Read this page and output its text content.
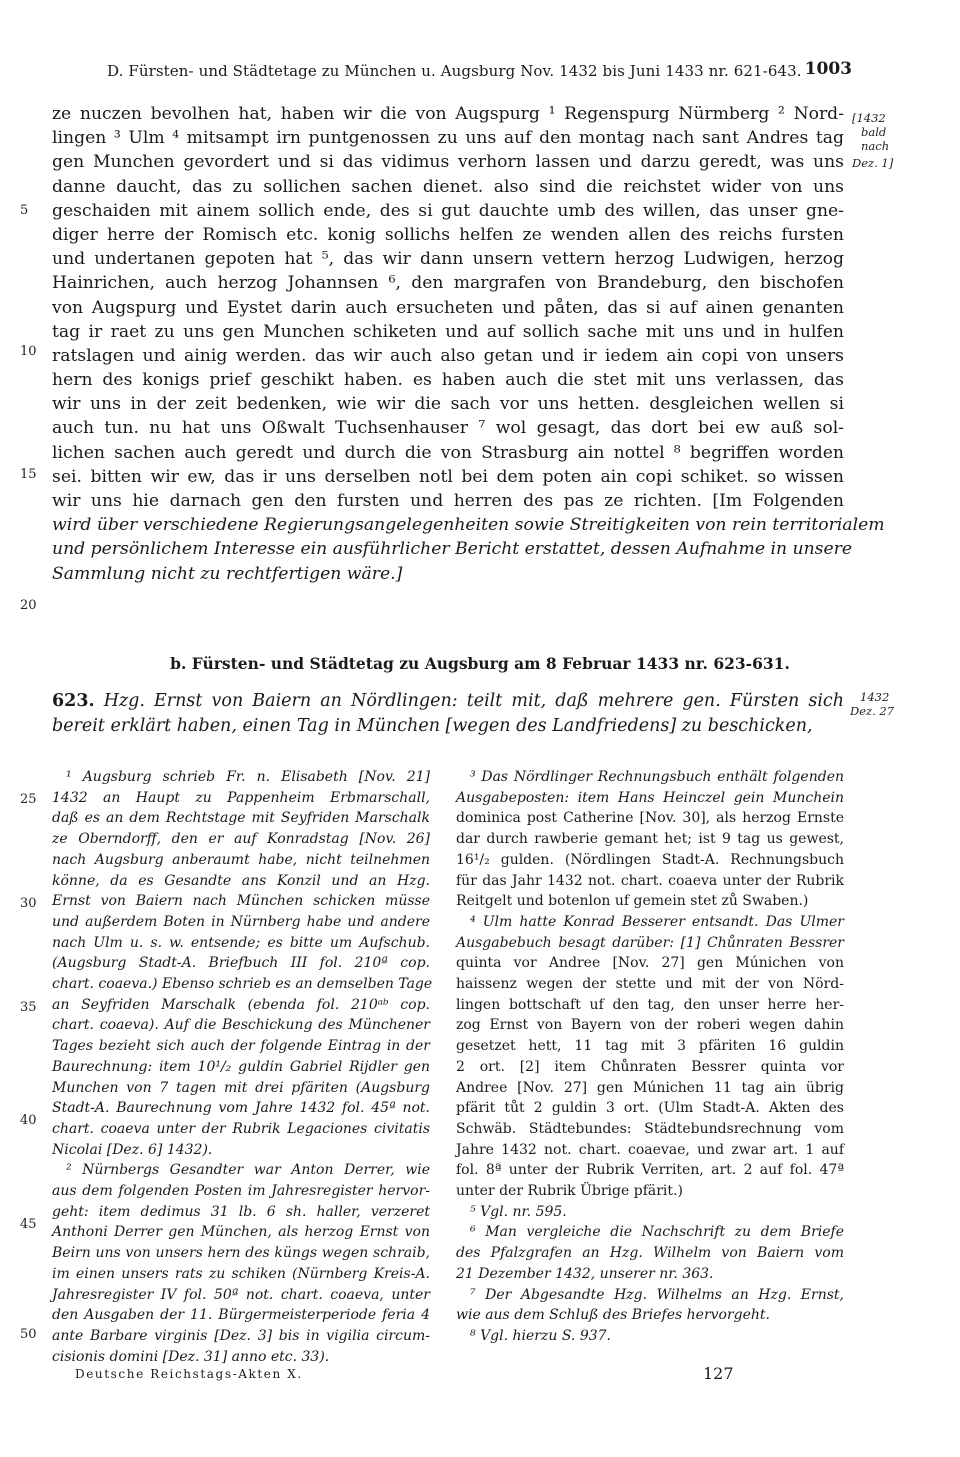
D. Fürsten- und Städtetage zu München u. Augsburg Nov. 1432 bis Juni 1433 nr. 621-643. 1003
ze nuczen bevolhen hat, haben wir die von Augspurg ¹ Regenspurg Nürmberg ² Nord-
lingen ³ Ulm ⁴ mitsampt irn puntgenossen zu uns auf den montag nach sant Andres tag
gen Munchen gevordert und si das vidimus verhorn lassen und darzu geredt, was uns
danne daucht, das zu sollichen sachen dienet. also sind die reichstet wider von uns
geschaiden mit ainem sollich ende, des si gut dauchte umb des willen, das unser gne-
diger herre der Romisch etc. konig sollichs helfen ze wenden allen des reichs fursten
und undertanen gepoten hat ⁵, das wir dann unsern vettern herzog Ludwigen, herzog
Hainrichen, auch herzog Johannsen ⁶, den margrafen von Brandeburg, den bischofen
von Augspurg und Eystet darin auch ersucheten und påten, das si auf ainen genanten
tag ir raet zu uns gen Munchen schiketen und auf sollich sache mit uns und in hulfen
ratslagen und ainig werden. das wir auch also getan und ir iedem ain copi von unsers
hern des konigs prief geschikt haben. es haben auch die stet mit uns verlassen, das
wir uns in der zeit bedenken, wie wir die sach vor uns hetten. desgleichen wellen si
auch tun. nu hat uns Oßwalt Tuchsenhauser ⁷ wol gesagt, das dort bei ew auß sol-
lichen sachen auch geredt und durch die von Strasburg ain nottel ⁸ begriffen worden
sei. bitten wir ew, das ir uns derselben notl bei dem poten ain copi schiket. so wissen
wir uns hie darnach gen den fursten und herren des pas ze richten. [Im Folgenden
wird über verschiedene Regierungsangelegenheiten sowie Streitigkeiten von rein territorialem
und persönlichem Interesse ein ausführlicher Bericht erstattet, dessen Aufnahme in unsere
Sammlung nicht zu rechtfertigen wäre.]
5
10
15
20
[1432
bald
nach
Dez. 1]
b. Fürsten- und Städtetag zu Augsburg am 8 Februar 1433 nr. 623-631.
623. Hzg. Ernst von Baiern an Nördlingen: teilt mit, daß mehrere gen. Fürsten sich
bereit erklärt haben, einen Tag in München [wegen des Landfriedens] zu beschicken,
1432
Dez. 27
¹ Augsburg schrieb Fr. n. Elisabeth [Nov. 21]
1432 an Haupt zu Pappenheim Erbmarschall,
daß es an dem Rechtstage mit Seyfriden Marschalk
ze Oberndorff, den er auf Konradstag [Nov. 26]
nach Augsburg anberaumt habe, nicht teilnehmen
könne, da es Gesandte ans Konzil und an Hzg.
Ernst von Baiern nach München schicken müsse
und außerdem Boten in Nürnberg habe und andere
nach Ulm u. s. w. entsende; es bitte um Aufschub.
(Augsburg Stadt-A. Briefbuch III fol. 210ª cop.
chart. coaeva.) Ebenso schrieb es an demselben Tage
an Seyfriden Marschalk (ebenda fol. 210ᵃᵇ cop.
chart. coaeva). Auf die Beschickung des Münchener
Tages bezieht sich auch der folgende Eintrag in der
Baurechnung: item 10¹/₂ guldin Gabriel Rijdler gen
Munchen von 7 tagen mit drei pfäriten (Augsburg
Stadt-A. Baurechnung vom Jahre 1432 fol. 45ª not.
chart. coaeva unter der Rubrik Legaciones civitatis
Nicolai [Dez. 6] 1432).
² Nürnbergs Gesandter war Anton Derrer, wie
aus dem folgenden Posten im Jahresregister hervor-
geht: item dedimus 31 lb. 6 sh. haller, verzeret
Anthoni Derrer gen München, als herzog Ernst von
Beirn uns von unsers hern des küngs wegen schraib,
im einen unsers rats zu schiken (Nürnberg Kreis-A.
Jahresregister IV fol. 50ª not. chart. coaeva, unter
den Ausgaben der 11. Bürgermeisterperiode feria 4
ante Barbare virginis [Dez. 3] bis in vigilia circum-
cisionis domini [Dez. 31] anno etc. 33).
³ Das Nördlinger Rechnungsbuch enthält folgenden
Ausgabeposten: item Hans Heinczel gein Munchein
dominica post Catherine [Nov. 30], als herzog Ernste
dar durch rawberie gemant het; ist 9 tag us gewest,
16¹/₂ gulden. (Nördlingen Stadt-A. Rechnungsbuch
für das Jahr 1432 not. chart. coaeva unter der Rubrik
Reitgelt und botenlon uf gemein stet zů Swaben.)
⁴ Ulm hatte Konrad Besserer entsandt. Das Ulmer
Ausgabebuch besagt darüber: [1] Chůnraten Bessrer
quinta vor Andree [Nov. 27] gen Múnichen von
haissenz wegen der stette und mit der von Nörd-
lingen bottschaft uf den tag, den unser herre her-
zog Ernst von Bayern von der roberi wegen dahin
gesetzet hett, 11 tag mit 3 pfäriten 16 guldin
2 ort. [2] item Chůnraten Bessrer quinta vor
Andree [Nov. 27] gen Múnichen 11 tag ain übrig
pfärit tůt 2 guldin 3 ort. (Ulm Stadt-A. Akten des
Schwäb. Städtebundes: Städtebundsrechnung vom
Jahre 1432 not. chart. coaevae, und zwar art. 1 auf
fol. 8ª unter der Rubrik Verriten, art. 2 auf fol. 47ª
unter der Rubrik Übrige pfärit.)
⁵ Vgl. nr. 595.
⁶ Man vergleiche die Nachschrift zu dem Briefe
des Pfalzgrafen an Hzg. Wilhelm von Baiern vom
21 Dezember 1432, unserer nr. 363.
⁷ Der Abgesandte Hzg. Wilhelms an Hzg. Ernst,
wie aus dem Schluß des Briefes hervorgeht.
⁸ Vgl. hierzu S. 937.
25
30
35
40
45
50
Deutsche Reichstags-Akten X.	127
